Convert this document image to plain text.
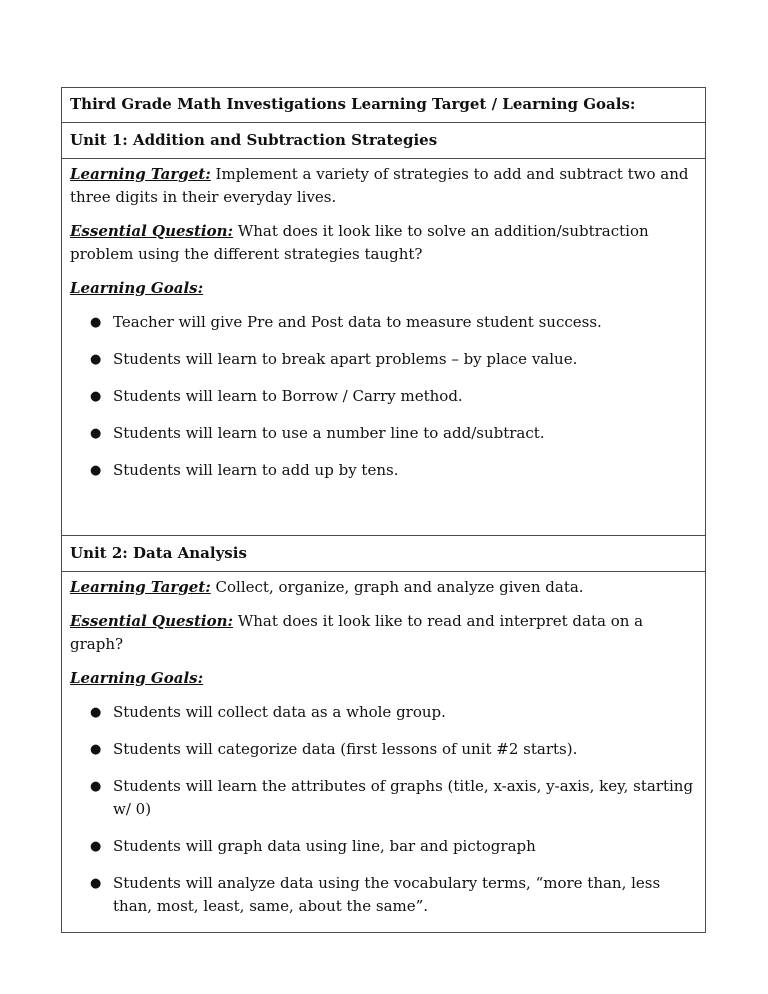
Third Grade Math Investigations Learning Target / Learning Goals:
Unit 1: Addition and Subtraction Strategies

Learning Target: Implement a variety of strategies to add and subtract two and three digits in their everyday lives.

Essential Question: What does it look like to solve an addition/subtraction problem using the different strategies taught?

Learning Goals:

● Teacher will give Pre and Post data to measure student success.
● Students will learn to break apart problems – by place value.
● Students will learn to Borrow / Carry method.
● Students will learn to use a number line to add/subtract.
● Students will learn to add up by tens.

Unit 2: Data Analysis

Learning Target: Collect, organize, graph and analyze given data.

Essential Question: What does it look like to read and interpret data on a graph?

Learning Goals:

● Students will collect data as a whole group.
● Students will categorize data (first lessons of unit #2 starts).
● Students will learn the attributes of graphs (title, x-axis, y-axis, key, starting w/ 0)
● Students will graph data using line, bar and pictograph
● Students will analyze data using the vocabulary terms, “more than, less than, most, least, same, about the same”.
